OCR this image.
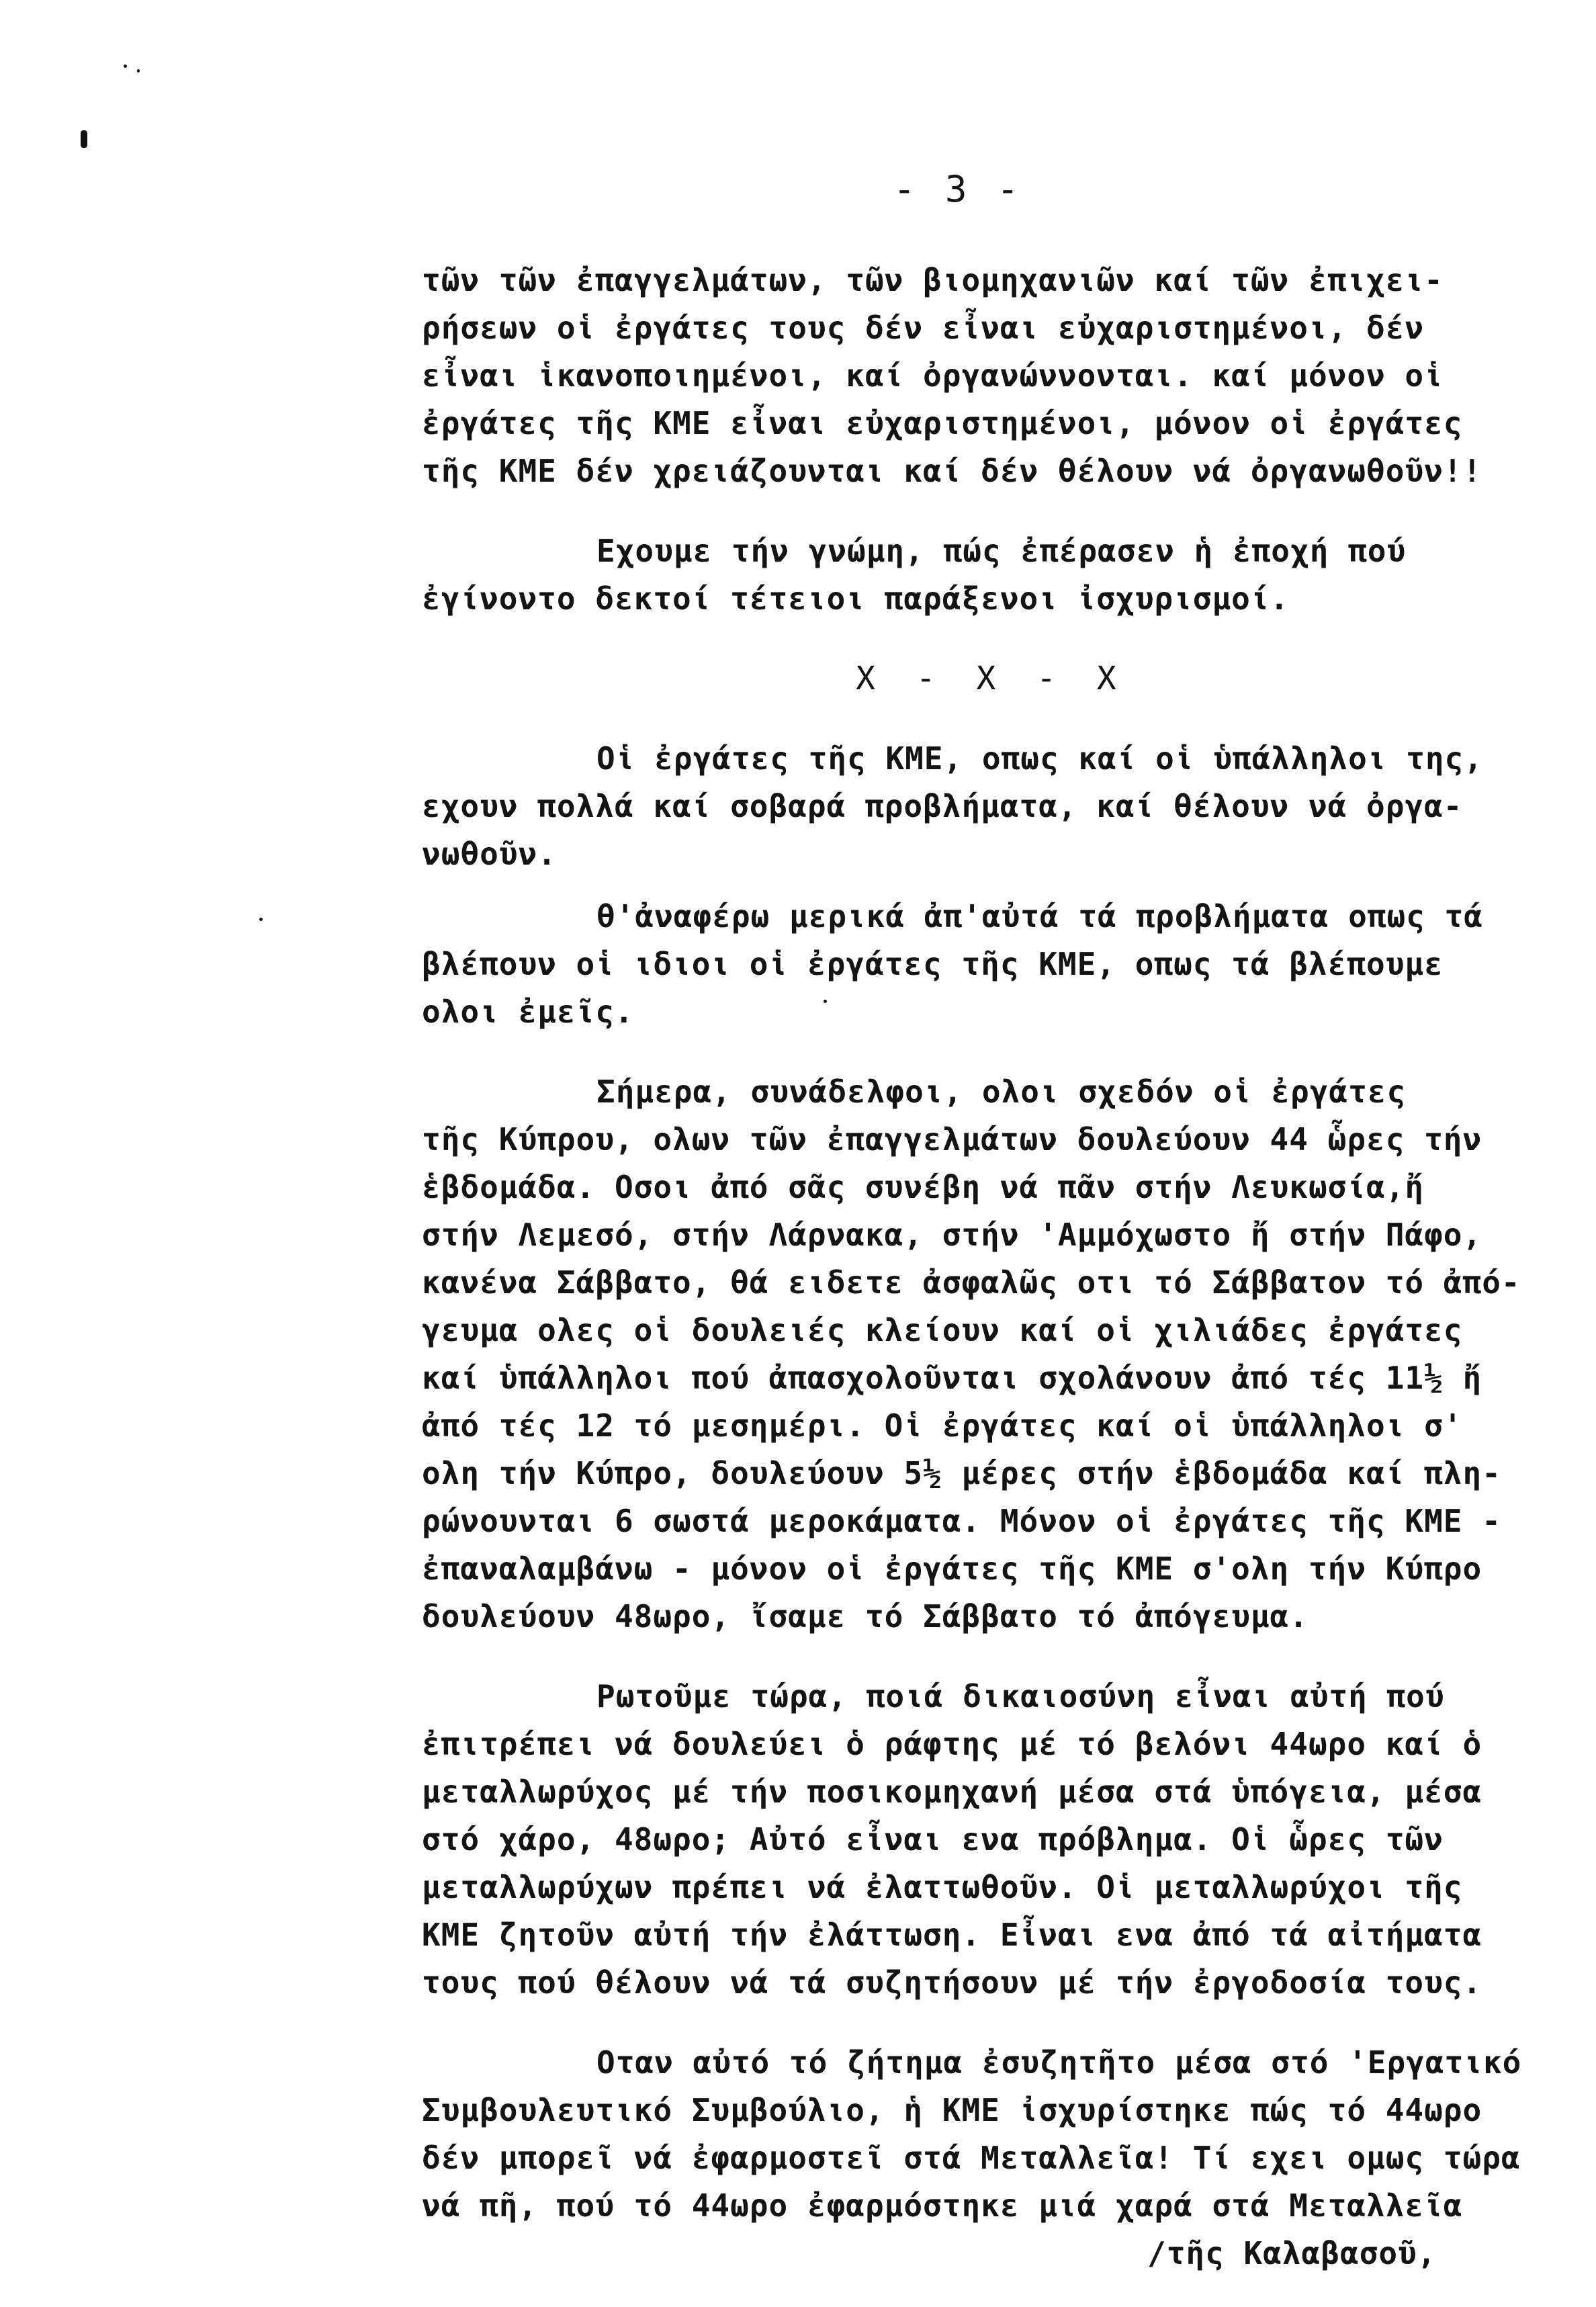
- 3 -
τῶν τῶν ἐπαγγελμάτων, τῶν βιομηχανιῶν καί τῶν ἐπιχει-
ρήσεων οἱ ἐργάτες τους δέν εἶναι εὐχαριστημένοι, δέν
εἶναι ἱκανοποιημένοι, καί ὀργανώννονται. καί μόνον οἱ
ἐργάτες τῆς ΚΜΕ εἶναι εὐχαριστημένοι, μόνον οἱ ἐργάτες
τῆς ΚΜΕ δέν χρειάζουνται καί δέν θέλουν νά ὀργανωθοῦν!!
Εχουμε τήν γνώμη, πώς ἐπέρασεν ἡ ἐποχή πού
ἐγίνοντο δεκτοί τέτειοι παράξενοι ἰσχυρισμοί.
X  -  X  -  X
Οἱ ἐργάτες τῆς ΚΜΕ, οπως καί οἱ ὑπάλληλοι της,
εχουν πολλά καί σοβαρά προβλήματα, καί θέλουν νά ὀργα-
νωθοῦν.
θ'ἀναφέρω μερικά ἀπ'αὐτά τά προβλήματα οπως τά
βλέπουν οἱ ιδιοι οἱ ἐργάτες τῆς ΚΜΕ, οπως τά βλέπουμε
ολοι ἐμεῖς.
Σήμερα, συνάδελφοι, ολοι σχεδόν οἱ ἐργάτες
τῆς Κύπρου, ολων τῶν ἐπαγγελμάτων δουλεύουν 44 ὧρες τήν
ἑβδομάδα. Οσοι ἀπό σᾶς συνέβη νά πᾶν στήν Λευκωσία,ἤ
στήν Λεμεσό, στήν Λάρνακα, στήν 'Αμμόχωστο ἤ στήν Πάφο,
κανένα Σάββατο, θά ειδετε ἀσφαλῶς οτι τό Σάββατον τό ἀπό-
γευμα ολες οἱ δουλειές κλείουν καί οἱ χιλιάδες ἐργάτες
καί ὑπάλληλοι πού ἀπασχολοῦνται σχολάνουν ἀπό τές 11½ ἤ
ἀπό τές 12 τό μεσημέρι. Οἱ ἐργάτες καί οἱ ὑπάλληλοι σ'
ολη τήν Κύπρο, δουλεύουν 5½ μέρες στήν ἑβδομάδα καί πλη-
ρώνουνται 6 σωστά μεροκάματα. Μόνον οἱ ἐργάτες τῆς ΚΜΕ -
ἐπαναλαμβάνω - μόνον οἱ ἐργάτες τῆς ΚΜΕ σ'ολη τήν Κύπρο
δουλεύουν 48ωρο, ἴσαμε τό Σάββατο τό ἀπόγευμα.
Ρωτοῦμε τώρα, ποιά δικαιοσύνη εἶναι αὐτή πού
ἐπιτρέπει νά δουλεύει ὁ ράφτης μέ τό βελόνι 44ωρο καί ὁ
μεταλλωρύχος μέ τήν ποσικομηχανή μέσα στά ὑπόγεια, μέσα
στό χάρο, 48ωρο; Αὐτό εἶναι ενα πρόβλημα. Οἱ ὧρες τῶν
μεταλλωρύχων πρέπει νά ἐλαττωθοῦν. Οἱ μεταλλωρύχοι τῆς
ΚΜΕ ζητοῦν αὐτή τήν ἐλάττωση. Εἶναι ενα ἀπό τά αἰτήματα
τους πού θέλουν νά τά συζητήσουν μέ τήν ἐργοδοσία τους.
Οταν αὐτό τό ζήτημα ἐσυζητῆτο μέσα στό 'Εργατικό
Συμβουλευτικό Συμβούλιο, ἡ ΚΜΕ ἰσχυρίστηκε πώς τό 44ωρο
δέν μπορεῖ νά ἐφαρμοστεῖ στά Μεταλλεῖα! Τί εχει ομως τώρα
νά πῆ, πού τό 44ωρο ἐφαρμόστηκε μιά χαρά στά Μεταλλεῖα
/τῆς Καλαβασοῦ,
